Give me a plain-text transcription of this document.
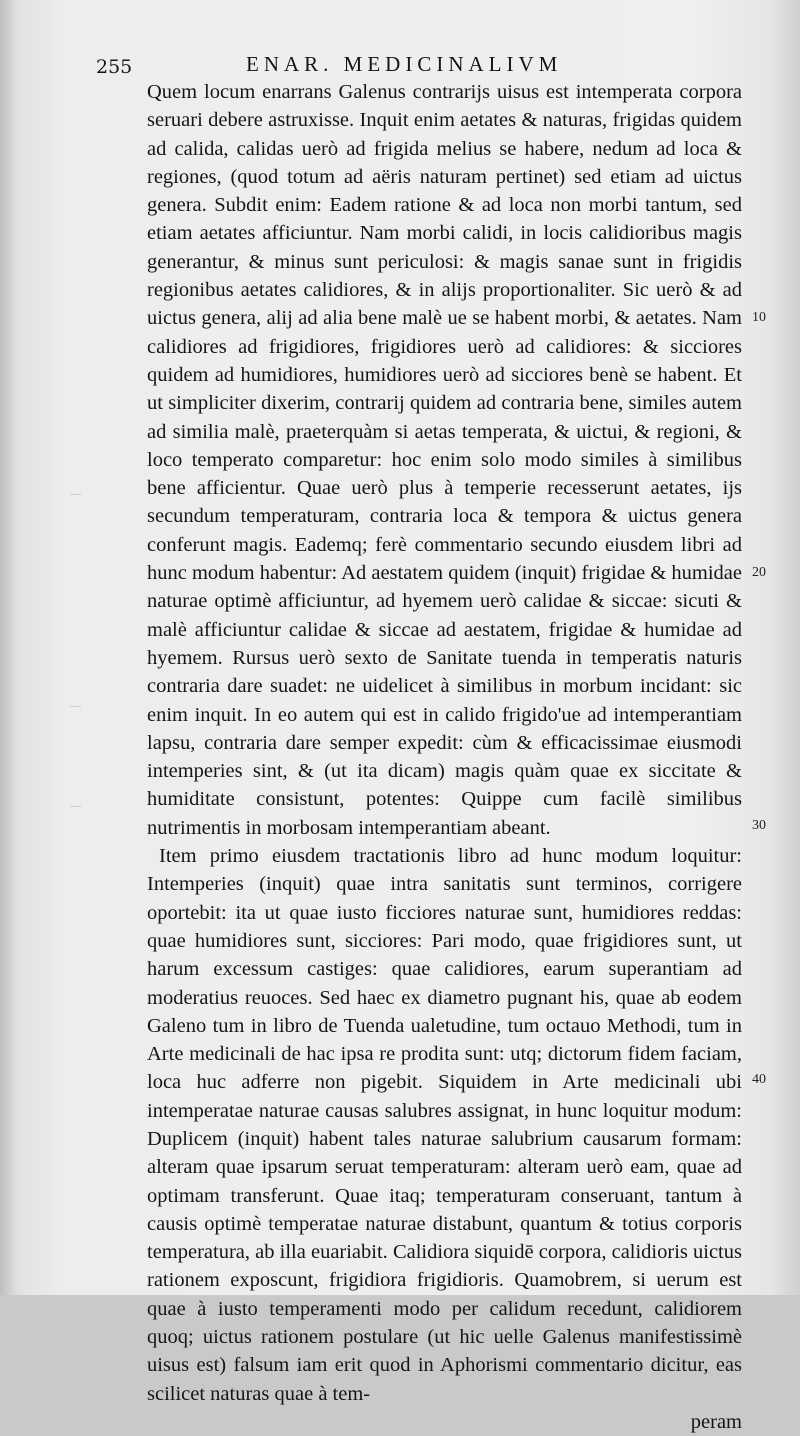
—
—
—
255	ENAR. MEDICINALIVM

Quem locum enarrans Galenus contrarijs uisus est intemperata corpora seruari debere astruxisse. Inquit enim aetates & naturas, frigidas quidem ad calida, calidas uerò ad frigida melius se habere, nedum ad loca & regiones, (quod totum ad aëris naturam pertinet) sed etiam ad uictus genera. Subdit enim: Eadem ratione & ad loca non morbi tantum, sed etiam aetates afficiuntur. Nam morbi calidi, in locis calidioribus magis generantur, & minus sunt periculosi: & magis sanae sunt in frigidis regionibus aetates calidiores, & in alijs proportionaliter. Sic uerò & ad uictus genera, alij ad alia bene malè ue se habent morbi, & aetates. Nam calidiores ad frigidiores, frigidiores uerò ad calidiores: & sicciores quidem ad humidiores, humidiores uerò ad sicciores benè se habent. Et ut simpliciter dixerim, contrarij quidem ad contraria bene, similes autem ad similia malè, praeterquàm si aetas temperata, & uictui, & regioni, & loco temperato comparetur: hoc enim solo modo similes à similibus bene afficientur. Quae uerò plus à temperie recesserunt aetates, ijs secundum temperaturam, contraria loca & tempora & uictus genera conferunt magis. Eademq; ferè commentario secundo eiusdem libri ad hunc modum habentur: Ad aestatem quidem (inquit) frigidae & humidae naturae optimè afficiuntur, ad hyemem uerò calidae & siccae: sicuti & malè afficiuntur calidae & siccae ad aestatem, frigidae & humidae ad hyemem. Rursus uerò sexto de Sanitate tuenda in temperatis naturis contraria dare suadet: ne uidelicet à similibus in morbum incidant: sic enim inquit. In eo autem qui est in calido frigido'ue ad intemperantiam lapsu, contraria dare semper expedit: cùm & efficacissimae eiusmodi intemperies sint, & (ut ita dicam) magis quàm quae ex siccitate & humiditate consistunt, potentes: Quippe cum facilè similibus nutrimentis in morbosam intemperantiam abeant.

Item primo eiusdem tractationis libro ad hunc modum loquitur: Intemperies (inquit) quae intra sanitatis sunt terminos, corrigere oportebit: ita ut quae iusto ficciores naturae sunt, humidiores reddas: quae humidiores sunt, sicciores: Pari modo, quae frigidiores sunt, ut harum excessum castiges: quae calidiores, earum superantiam ad moderatius reuoces. Sed haec ex diametro pugnant his, quae ab eodem Galeno tum in libro de Tuenda ualetudine, tum octauo Methodi, tum in Arte medicinali de hac ipsa re prodita sunt: utq; dictorum fidem faciam, loca huc adferre non pigebit. Siquidem in Arte medicinali ubi intemperatae naturae causas salubres assignat, in hunc loquitur modum: Duplicem (inquit) habent tales naturae salubrium causarum formam: alteram quae ipsarum seruat temperaturam: alteram uerò eam, quae ad optimam transferunt. Quae itaq; temperaturam conseruant, tantum à causis optimè temperatae naturae distabunt, quantum & totius corporis temperatura, ab illa euariabit. Calidiora siquidē corpora, calidioris uictus rationem exposcunt, frigidiora frigidioris. Quamobrem, si uerum est quae à iusto temperamenti modo per calidum recedunt, calidiorem quoq; uictus rationem postulare (ut hic uelle Galenus manifestissimè uisus est) falsum iam erit quod in Aphorismi commentario dicitur, eas scilicet naturas quae à tem-

peram

10
20
30
40
